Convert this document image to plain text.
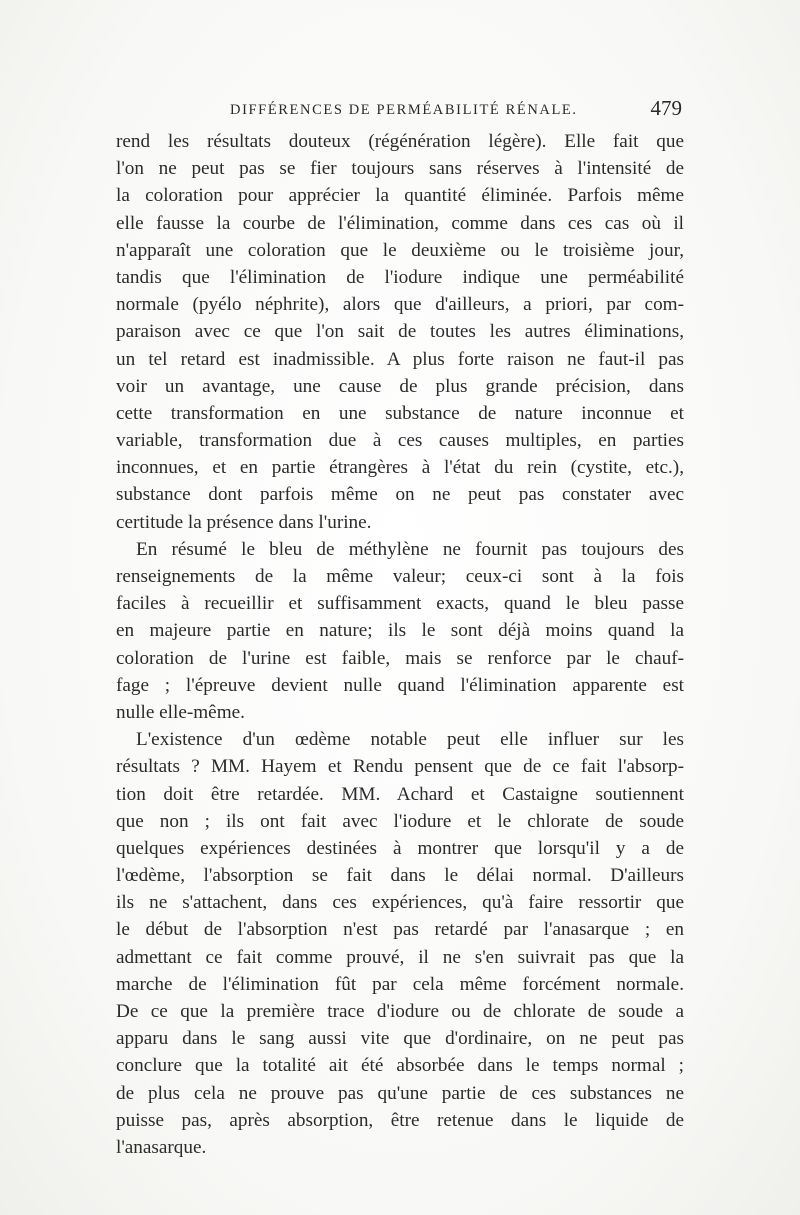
DIFFÉRENCES DE PERMÉABILITÉ RÉNALE.	479
rend les résultats douteux (régénération légère). Elle fait que
l'on ne peut pas se fier toujours sans réserves à l'intensité de
la coloration pour apprécier la quantité éliminée. Parfois même
elle fausse la courbe de l'élimination, comme dans ces cas où il
n'apparaît une coloration que le deuxième ou le troisième jour,
tandis que l'élimination de l'iodure indique une perméabilité
normale (pyélo néphrite), alors que d'ailleurs, a priori, par com-
paraison avec ce que l'on sait de toutes les autres éliminations,
un tel retard est inadmissible. A plus forte raison ne faut-il pas
voir un avantage, une cause de plus grande précision, dans
cette transformation en une substance de nature inconnue et
variable, transformation due à ces causes multiples, en parties
inconnues, et en partie étrangères à l'état du rein (cystite, etc.),
substance dont parfois même on ne peut pas constater avec
certitude la présence dans l'urine.
En résumé le bleu de méthylène ne fournit pas toujours des
renseignements de la même valeur; ceux-ci sont à la fois
faciles à recueillir et suffisamment exacts, quand le bleu passe
en majeure partie en nature; ils le sont déjà moins quand la
coloration de l'urine est faible, mais se renforce par le chauf-
fage ; l'épreuve devient nulle quand l'élimination apparente est
nulle elle-même.
L'existence d'un œdème notable peut elle influer sur les
résultats ? MM. Hayem et Rendu pensent que de ce fait l'absorp-
tion doit être retardée. MM. Achard et Castaigne soutiennent
que non ; ils ont fait avec l'iodure et le chlorate de soude
quelques expériences destinées à montrer que lorsqu'il y a de
l'œdème, l'absorption se fait dans le délai normal. D'ailleurs
ils ne s'attachent, dans ces expériences, qu'à faire ressortir que
le début de l'absorption n'est pas retardé par l'anasarque ; en
admettant ce fait comme prouvé, il ne s'en suivrait pas que la
marche de l'élimination fût par cela même forcément normale.
De ce que la première trace d'iodure ou de chlorate de soude a
apparu dans le sang aussi vite que d'ordinaire, on ne peut pas
conclure que la totalité ait été absorbée dans le temps normal ;
de plus cela ne prouve pas qu'une partie de ces substances ne
puisse pas, après absorption, être retenue dans le liquide de
l'anasarque.
